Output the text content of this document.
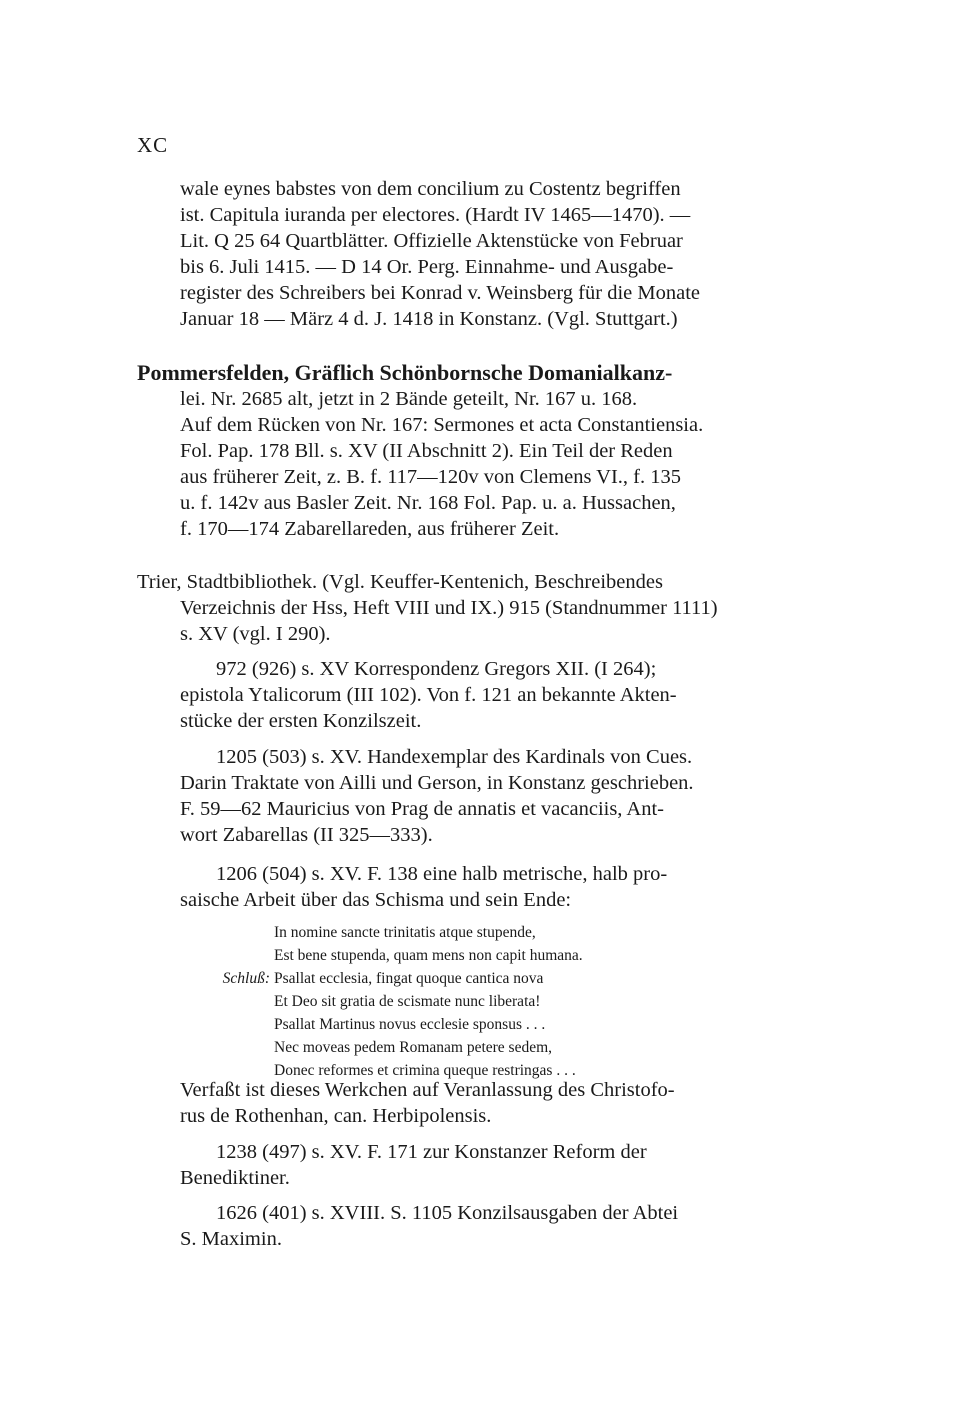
XC
wale eynes babstes von dem concilium zu Costentz begriffen
ist. Capitula iuranda per electores. (Hardt IV 1465—1470). —
Lit. Q 25 64 Quartblätter. Offizielle Aktenstücke von Februar
bis 6. Juli 1415. — D 14 Or. Perg. Einnahme- und Ausgabe-
register des Schreibers bei Konrad v. Weinsberg für die Monate
Januar 18 — März 4 d. J. 1418 in Konstanz. (Vgl. Stuttgart.)
Pommersfelden, Gräflich Schönbornsche Domanialkanz-
lei. Nr. 2685 alt, jetzt in 2 Bände geteilt, Nr. 167 u. 168.
Auf dem Rücken von Nr. 167: Sermones et acta Constantiensia.
Fol. Pap. 178 Bll. s. XV (II Abschnitt 2). Ein Teil der Reden
aus früherer Zeit, z. B. f. 117—120v von Clemens VI., f. 135
u. f. 142v aus Basler Zeit. Nr. 168 Fol. Pap. u. a. Hussachen,
f. 170—174 Zabarellareden, aus früherer Zeit.
Trier, Stadtbibliothek. (Vgl. Keuffer-Kentenich, Beschreibendes
Verzeichnis der Hss, Heft VIII und IX.) 915 (Standnummer 1111)
s. XV (vgl. I 290).
972 (926) s. XV Korrespondenz Gregors XII. (I 264);
epistola Ytalicorum (III 102). Von f. 121 an bekannte Akten-
stücke der ersten Konzilszeit.
1205 (503) s. XV. Handexemplar des Kardinals von Cues.
Darin Traktate von Ailli und Gerson, in Konstanz geschrieben.
F. 59—62 Mauricius von Prag de annatis et vacanciis, Ant-
wort Zabarellas (II 325—333).
1206 (504) s. XV. F. 138 eine halb metrische, halb pro-
saische Arbeit über das Schisma und sein Ende:
In nomine sancte trinitatis atque stupende,
Est bene stupenda, quam mens non capit humana.
Schluß: Psallat ecclesia, fingat quoque cantica nova
Et Deo sit gratia de scismate nunc liberata!
Psallat Martinus novus ecclesie sponsus . . .
Nec moveas pedem Romanam petere sedem,
Donec reformes et crimina queque restringas . . .
Verfaßt ist dieses Werkchen auf Veranlassung des Christofo-
rus de Rothenhan, can. Herbipolensis.
1238 (497) s. XV. F. 171 zur Konstanzer Reform der
Benediktiner.
1626 (401) s. XVIII. S. 1105 Konzilsausgaben der Abtei
S. Maximin.
